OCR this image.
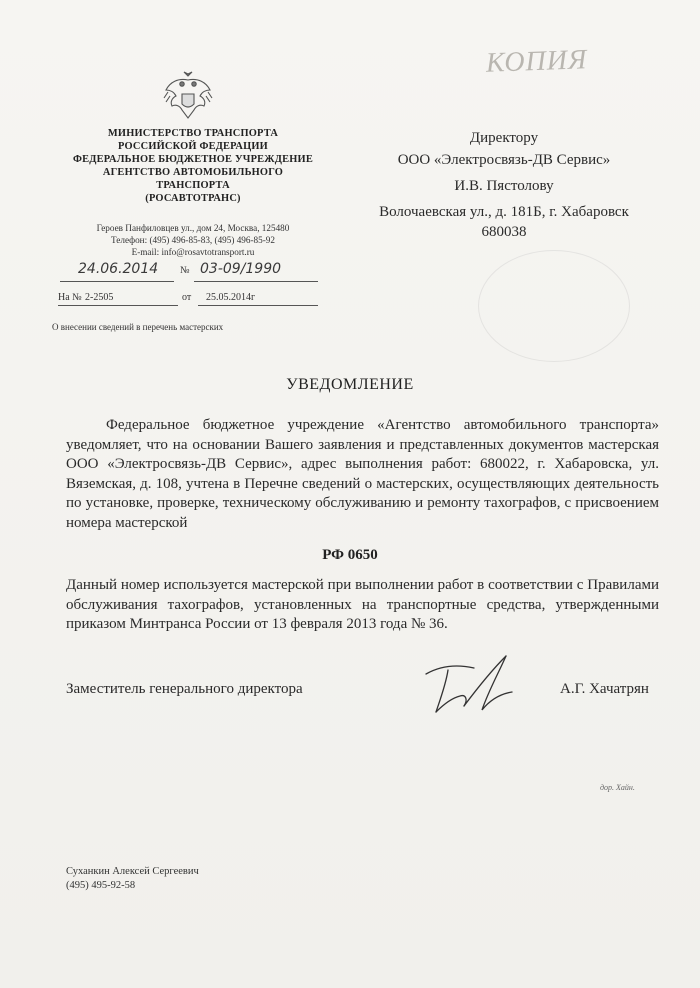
КОПИЯ
МИНИСТЕРСТВО ТРАНСПОРТА
РОССИЙСКОЙ ФЕДЕРАЦИИ
ФЕДЕРАЛЬНОЕ БЮДЖЕТНОЕ УЧРЕЖДЕНИЕ
АГЕНТСТВО АВТОМОБИЛЬНОГО
ТРАНСПОРТА
(РОСАВТОТРАНС)
Героев Панфиловцев ул., дом 24, Москва, 125480
Телефон: (495) 496-85-83, (495) 496-85-92
E-mail: info@rosavtotransport.ru
24.06.2014 № 03-09/1990
На № 2-2505	от 25.05.2014г
О внесении сведений в перечень мастерских
Директору
ООО «Электросвязь-ДВ Сервис»
И.В. Пястолову
Волочаевская ул., д. 181Б, г. Хабаровск
680038
УВЕДОМЛЕНИЕ
Федеральное бюджетное учреждение «Агентство автомобильного транспорта» уведомляет, что на основании Вашего заявления и представленных документов мастерская ООО «Электросвязь-ДВ Сервис», адрес выполнения работ: 680022, г. Хабаровска, ул. Вяземская, д. 108, учтена в Перечне сведений о мастерских, осуществляющих деятельность по установке, проверке, техническому обслуживанию и ремонту тахографов, с присвоением номера мастерской
РФ 0650
Данный номер используется мастерской при выполнении работ в соответствии с Правилами обслуживания тахографов, установленных на транспортные средства, утвержденными приказом Минтранса России от 13 февраля 2013 года № 36.
Заместитель генерального директора	А.Г. Хачатрян
дор. Хайн.
Суханкин Алексей Сергеевич
(495) 495-92-58
